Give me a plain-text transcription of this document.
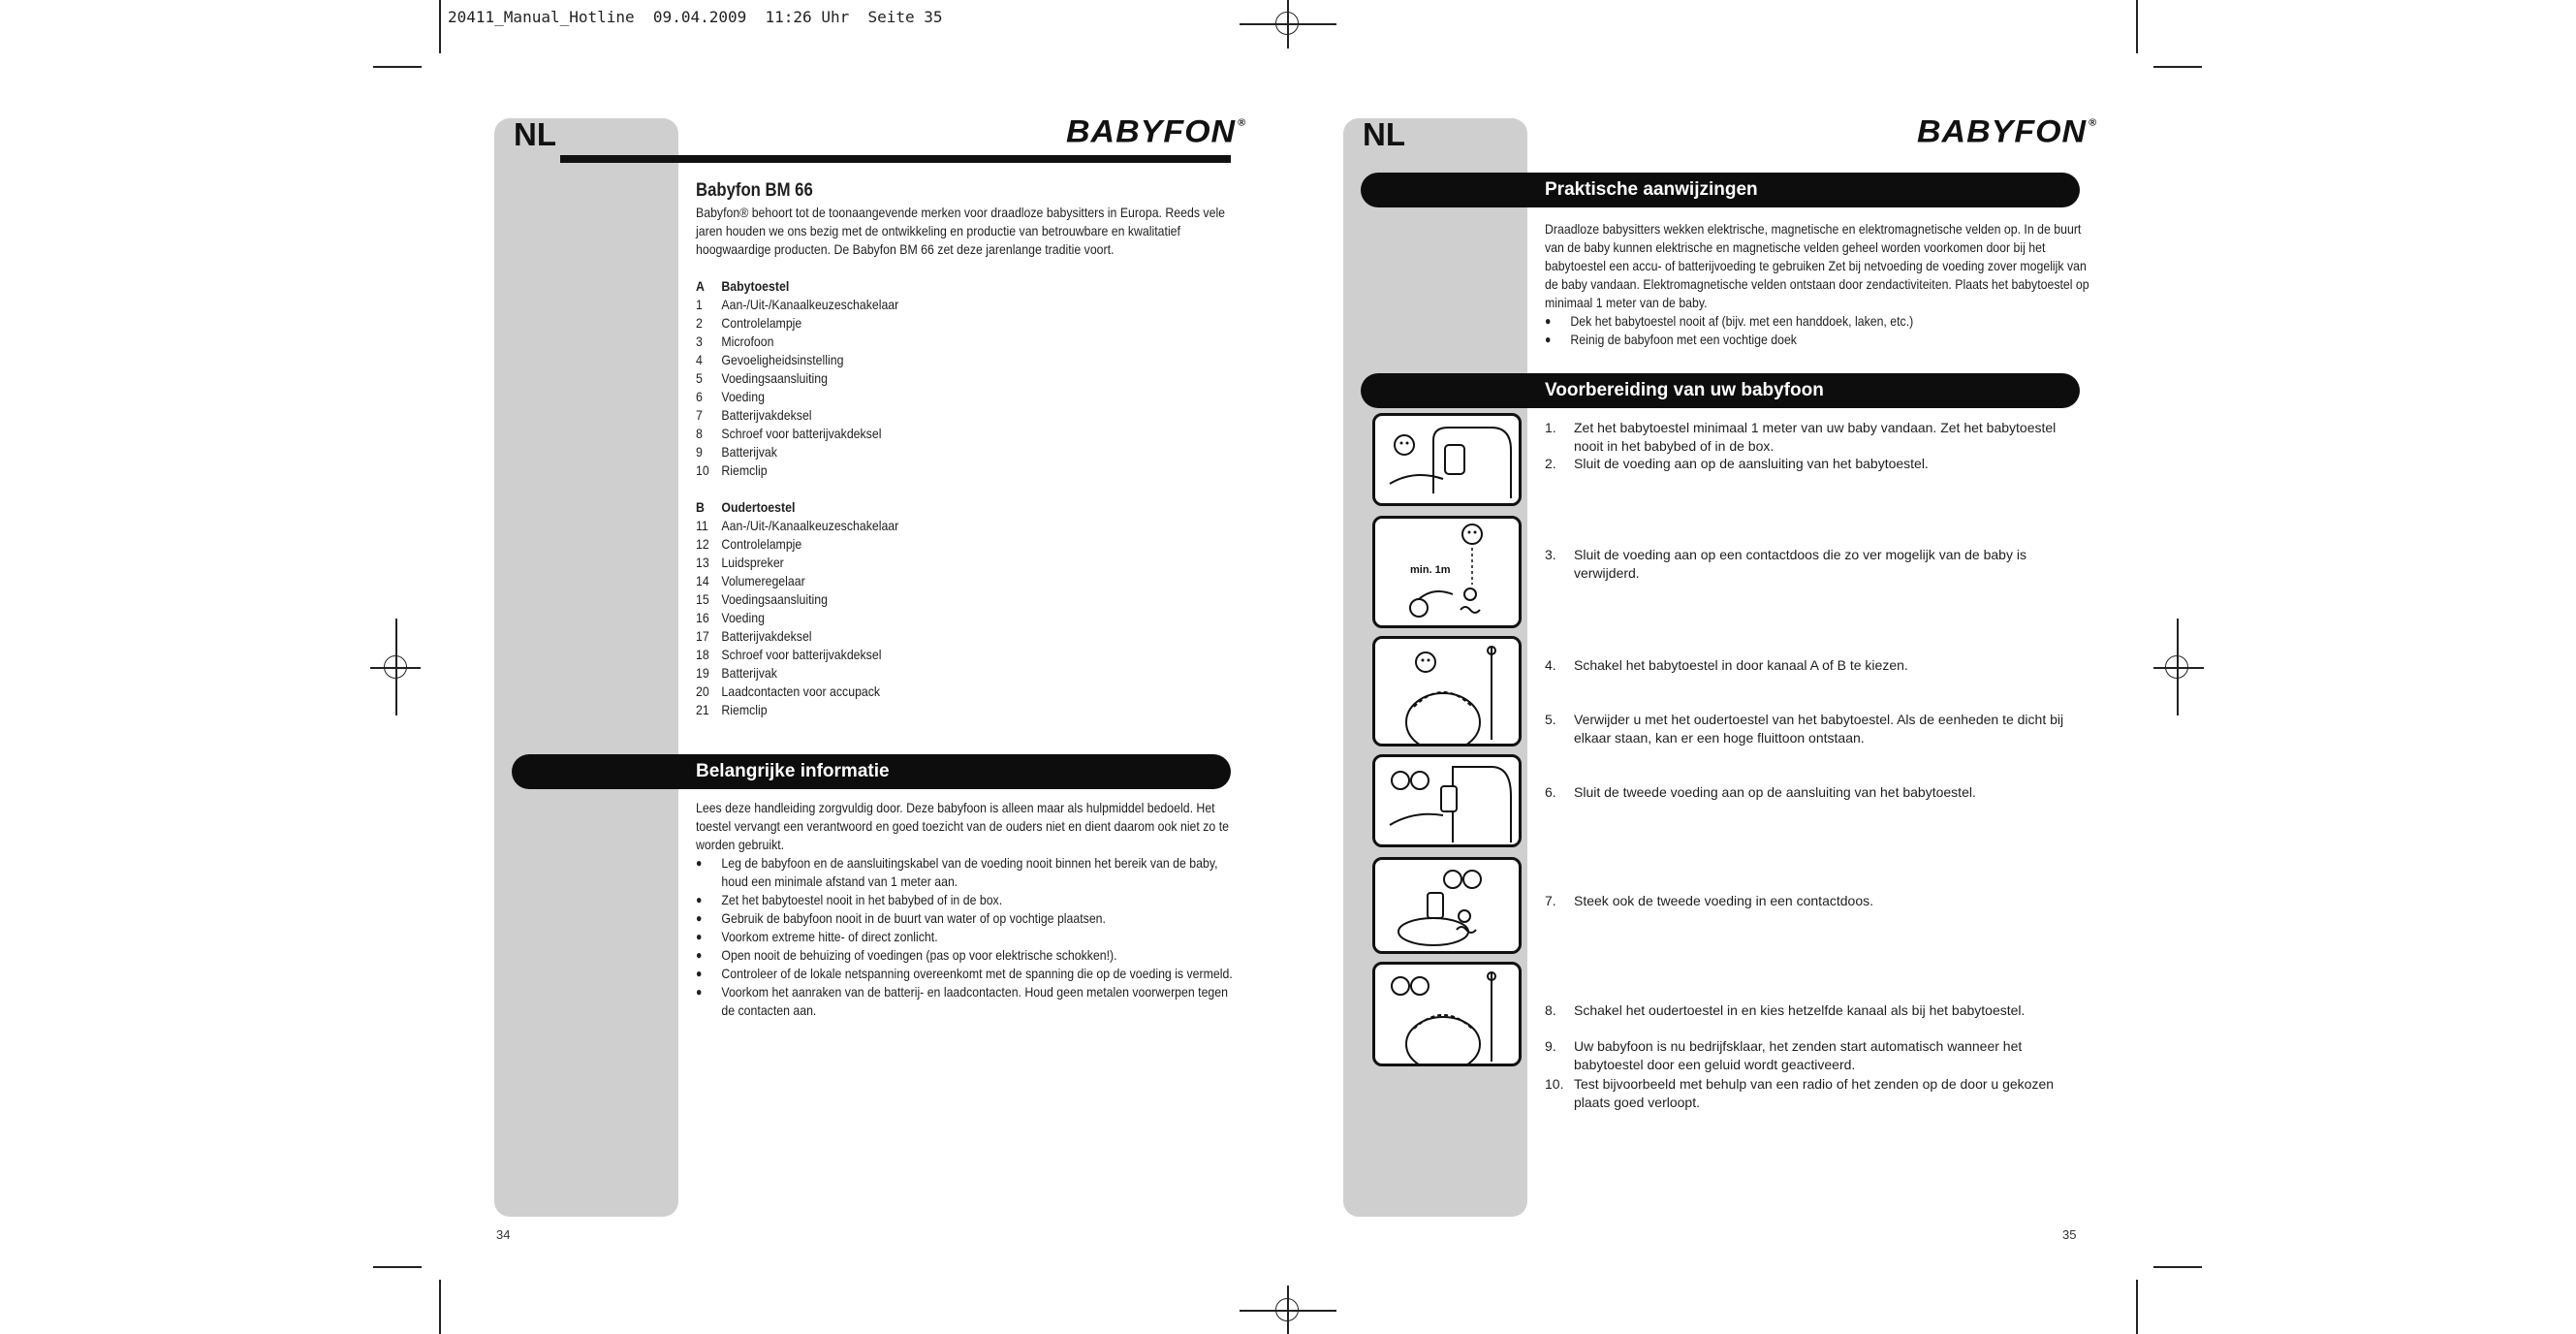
20411_Manual_Hotline  09.04.2009  11:26 Uhr  Seite 35
NL	BABYFON ®
Babyfon BM 66
Babyfon® behoort tot de toonaangevende merken voor draadloze babysitters in Europa. Reeds vele jaren houden we ons bezig met de ontwikkeling en productie van betrouwbare en kwalitatief hoogwaardige producten. De Babyfon BM 66 zet deze jarenlange traditie voort.
A	Babytoestel
1	Aan-/Uit-/Kanaalkeuzeschakelaar
2	Controlelampje
3	Microfoon
4	Gevoeligheidsinstelling
5	Voedingsaansluiting
6	Voeding
7	Batterijvakdeksel
8	Schroef voor batterijvakdeksel
9	Batterijvak
10 Riemclip
B	Oudertoestel
11 Aan-/Uit-/Kanaalkeuzeschakelaar
12 Controlelampje
13 Luidspreker
14 Volumeregelaar
15 Voedingsaansluiting
16 Voeding
17 Batterijvakdeksel
18 Schroef voor batterijvakdeksel
19 Batterijvak
20 Laadcontacten voor accupack
21 Riemclip
Belangrijke informatie
Lees deze handleiding zorgvuldig door. Deze babyfoon is alleen maar als hulpmiddel bedoeld. Het toestel vervangt een verantwoord en goed toezicht van de ouders niet en dient daarom ook niet zo te worden gebruikt.
●	Leg de babyfoon en de aansluitingskabel van de voeding nooit binnen het bereik van de baby, houd een minimale afstand van 1 meter aan.
●	Zet het babytoestel nooit in het babybed of in de box.
●	Gebruik de babyfoon nooit in de buurt van water of op vochtige plaatsen.
●	Voorkom extreme hitte- of direct zonlicht.
●	Open nooit de behuizing of voedingen (pas op voor elektrische schokken!).
●	Controleer of de lokale netspanning overeenkomt met de spanning die op de voeding is vermeld.
●	Voorkom het aanraken van de batterij- en laadcontacten. Houd geen metalen voorwerpen tegen de contacten aan.
34
NL	BABYFON ®
Praktische aanwijzingen
Draadloze babysitters wekken elektrische, magnetische en elektromagnetische velden op. In de buurt van de baby kunnen elektrische en magnetische velden geheel worden voorkomen door bij het babytoestel een accu- of batterijvoeding te gebruiken Zet bij netvoeding de voeding zover mogelijk van de baby vandaan. Elektromagnetische velden ontstaan door zendactiviteiten. Plaats het babytoestel op minimaal 1 meter van de baby.
●	Dek het babytoestel nooit af (bijv. met een handdoek, laken, etc.)
●	Reinig de babyfoon met een vochtige doek
Voorbereiding van uw babyfoon
min. 1m
1.	Zet het babytoestel minimaal 1 meter van uw baby vandaan. Zet het babytoestel nooit in het babybed of in de box.
2.	Sluit de voeding aan op de aansluiting van het babytoestel.
3.	Sluit de voeding aan op een contactdoos die zo ver mogelijk van de baby is verwijderd.
4.	Schakel het babytoestel in door kanaal A of B te kiezen.
5.	Verwijder u met het oudertoestel van het babytoestel. Als de eenheden te dicht bij elkaar staan, kan er een hoge fluittoon ontstaan.
6.	Sluit de tweede voeding aan op de aansluiting van het babytoestel.
7.	Steek ook de tweede voeding in een contactdoos.
8.	Schakel het oudertoestel in en kies hetzelfde kanaal als bij het babytoestel.
9.	Uw babyfoon is nu bedrijfsklaar, het zenden start automatisch wanneer het babytoestel door een geluid wordt geactiveerd.
10. Test bijvoorbeeld met behulp van een radio of het zenden op de door u gekozen plaats goed verloopt.
35
